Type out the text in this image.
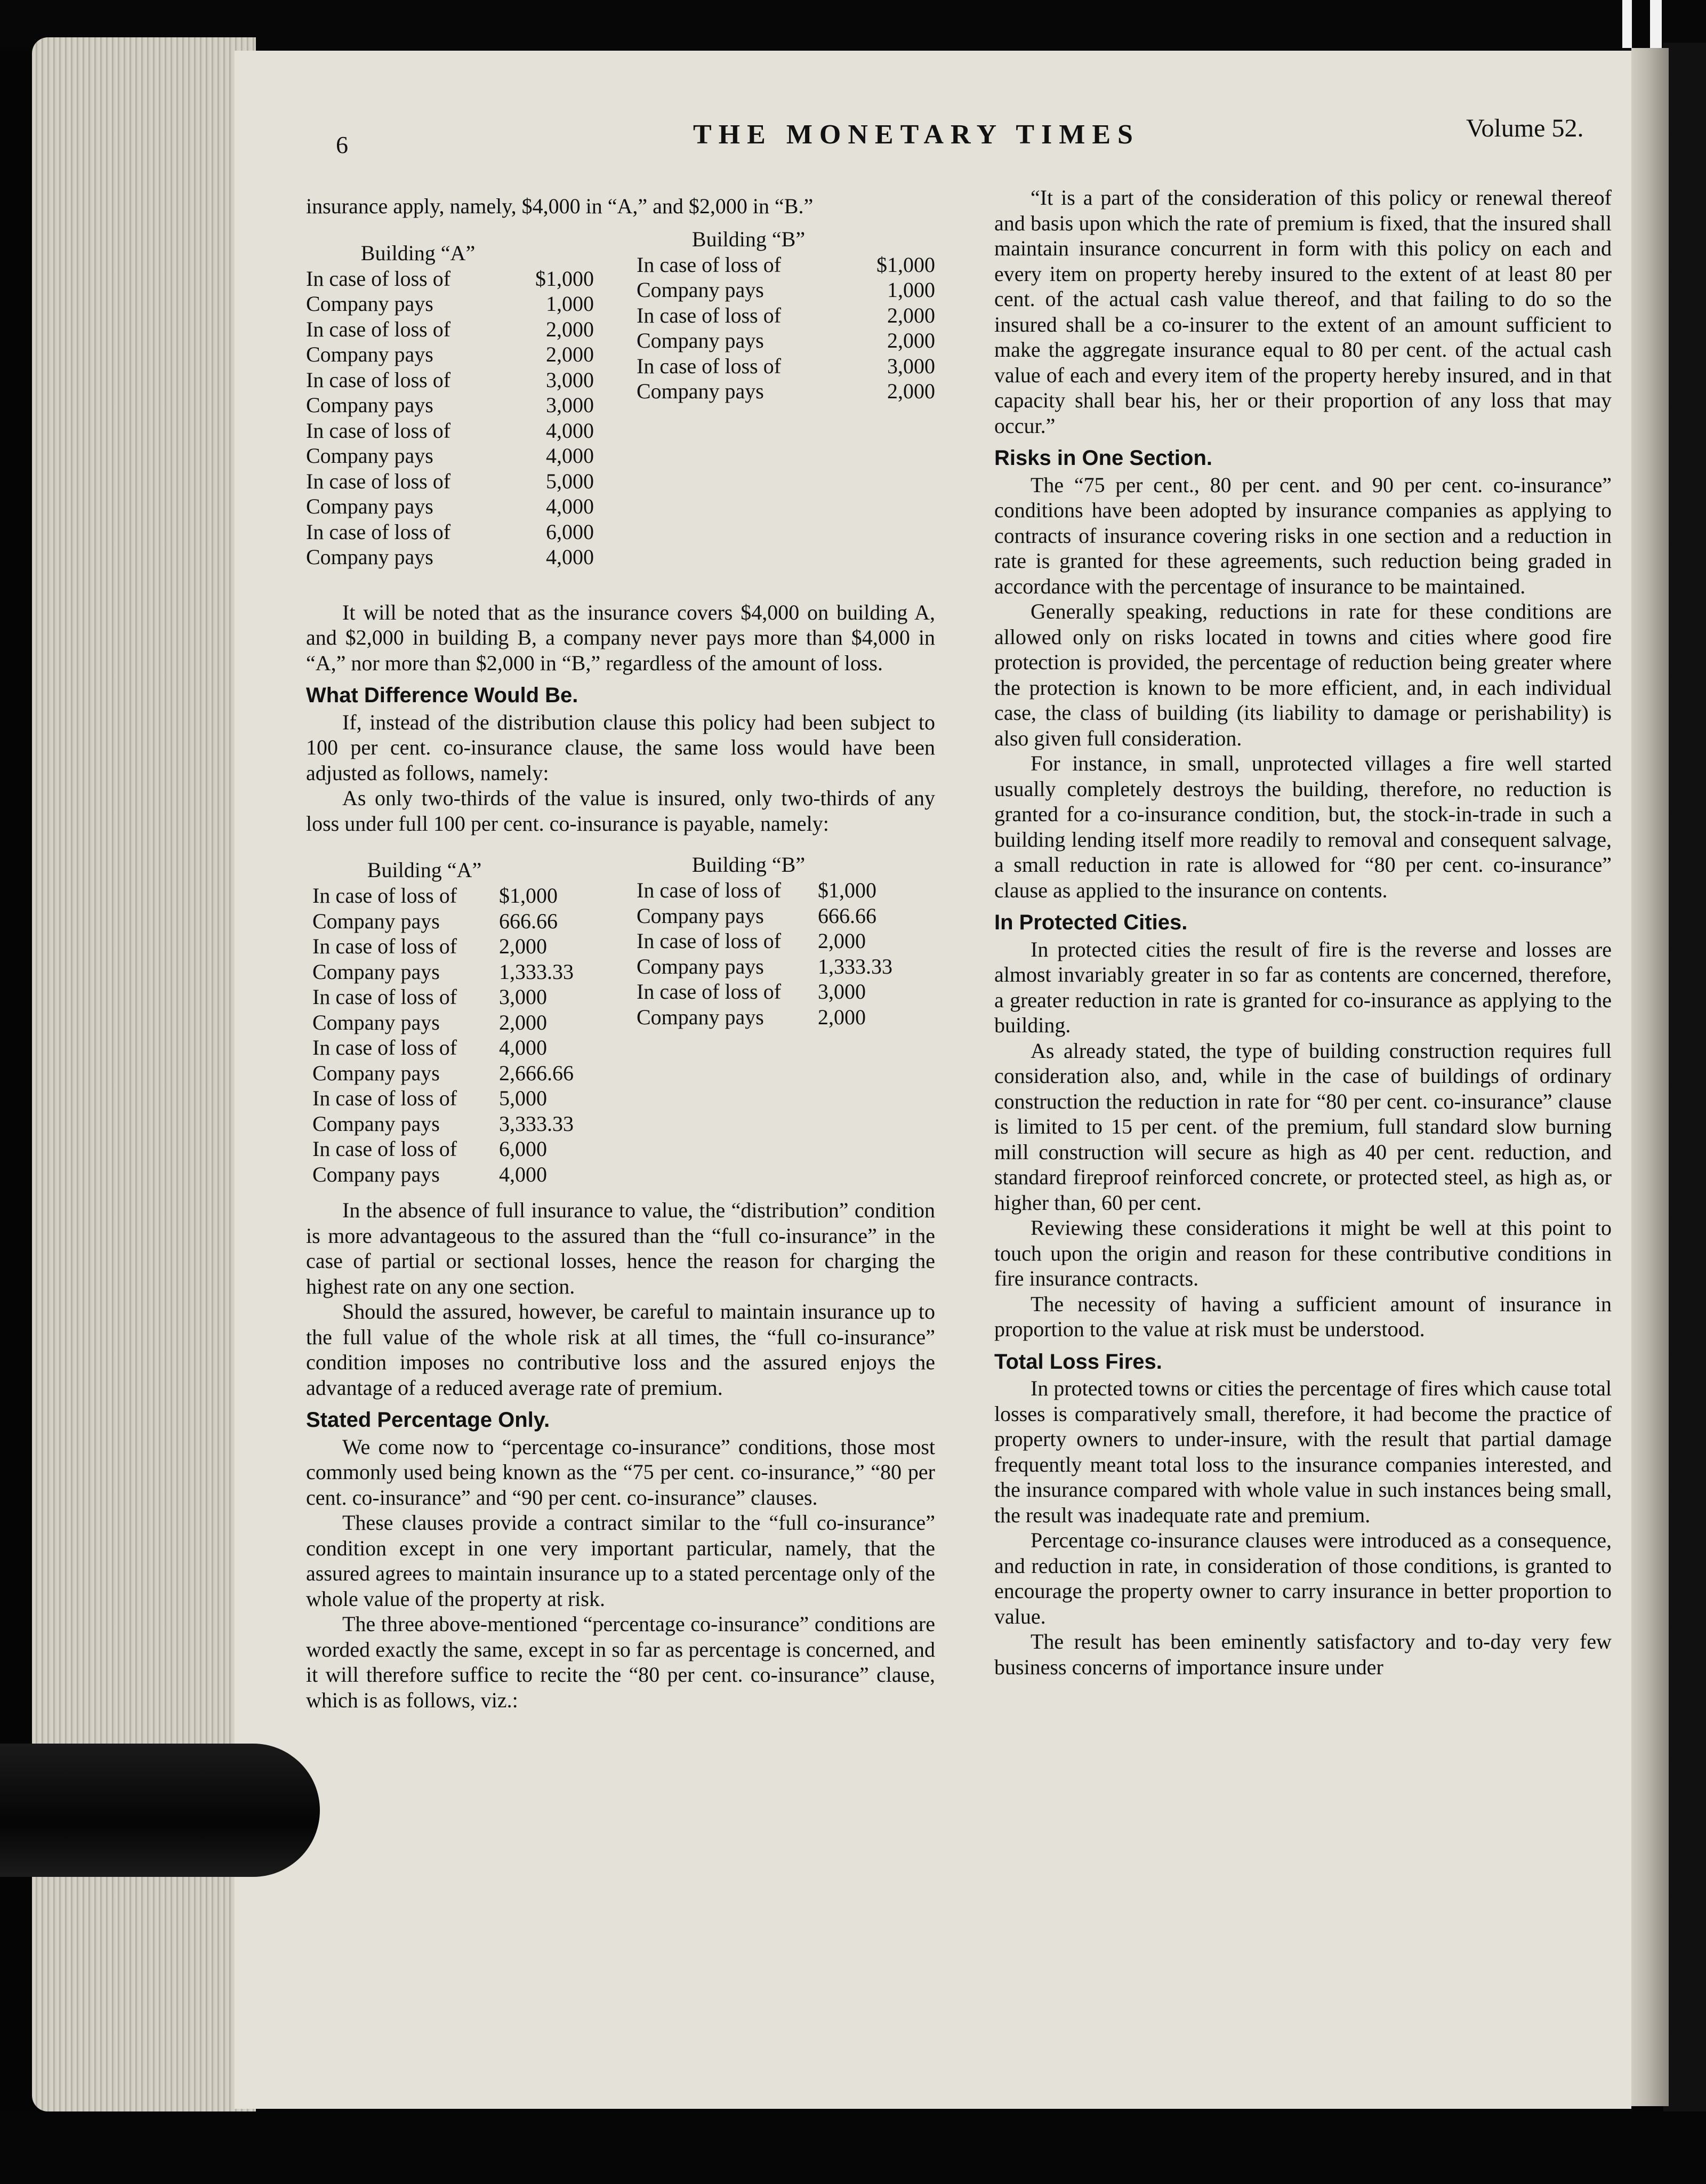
6	THE MONETARY TIMES	Volume 52.

insurance apply, namely, $4,000 in “A,” and $2,000 in “B.”

Building “A”
In case of loss of	$1,000
Company pays	1,000
In case of loss of	2,000
Company pays	2,000
In case of loss of	3,000
Company pays	3,000
In case of loss of	4,000
Company pays	4,000
In case of loss of	5,000
Company pays	4,000
In case of loss of	6,000
Company pays	4,000
Building “B”
In case of loss of	$1,000
Company pays	1,000
In case of loss of	2,000
Company pays	2,000
In case of loss of	3,000
Company pays	2,000

It will be noted that as the insurance covers $4,000 on building A, and $2,000 in building B, a company never pays more than $4,000 in “A,” nor more than $2,000 in “B,” regardless of the amount of loss.

What Difference Would Be.

If, instead of the distribution clause this policy had been subject to 100 per cent. co-insurance clause, the same loss would have been adjusted as follows, namely:

As only two-thirds of the value is insured, only two-thirds of any loss under full 100 per cent. co-insurance is payable, namely:

Building “A”
In case of loss of $1,000
Company pays	666.66
In case of loss of 2,000
Company pays	1,333.33
In case of loss of 3,000
Company pays	2,000
In case of loss of 4,000
Company pays	2,666.66
In case of loss of 5,000
Company pays	3,333.33
In case of loss of 6,000
Company pays	4,000
Building “B”
In case of loss of $1,000
Company pays	666.66
In case of loss of 2,000
Company pays	1,333.33
In case of loss of 3,000
Company pays	2,000

In the absence of full insurance to value, the “distribution” condition is more advantageous to the assured than the “full co-insurance” in the case of partial or sectional losses, hence the reason for charging the highest rate on any one section.

Should the assured, however, be careful to maintain insurance up to the full value of the whole risk at all times, the “full co-insurance” condition imposes no contributive loss and the assured enjoys the advantage of a reduced average rate of premium.

Stated Percentage Only.

We come now to “percentage co-insurance” conditions, those most commonly used being known as the “75 per cent. co-insurance,” “80 per cent. co-insurance” and “90 per cent. co-insurance” clauses.

These clauses provide a contract similar to the “full co-insurance” condition except in one very important particular, namely, that the assured agrees to maintain insurance up to a stated percentage only of the whole value of the property at risk.

The three above-mentioned “percentage co-insurance” conditions are worded exactly the same, except in so far as percentage is concerned, and it will therefore suffice to recite the “80 per cent. co-insurance” clause, which is as follows, viz.:

“It is a part of the consideration of this policy or renewal thereof and basis upon which the rate of premium is fixed, that the insured shall maintain insurance concurrent in form with this policy on each and every item on property hereby insured to the extent of at least 80 per cent. of the actual cash value thereof, and that failing to do so the insured shall be a co-insurer to the extent of an amount sufficient to make the aggregate insurance equal to 80 per cent. of the actual cash value of each and every item of the property hereby insured, and in that capacity shall bear his, her or their proportion of any loss that may occur.”

Risks in One Section.

The “75 per cent., 80 per cent. and 90 per cent. co-insurance” conditions have been adopted by insurance companies as applying to contracts of insurance covering risks in one section and a reduction in rate is granted for these agreements, such reduction being graded in accordance with the percentage of insurance to be maintained.

Generally speaking, reductions in rate for these conditions are allowed only on risks located in towns and cities where good fire protection is provided, the percentage of reduction being greater where the protection is known to be more efficient, and, in each individual case, the class of building (its liability to damage or perishability) is also given full consideration.

For instance, in small, unprotected villages a fire well started usually completely destroys the building, therefore, no reduction is granted for a co-insurance condition, but, the stock-in-trade in such a building lending itself more readily to removal and consequent salvage, a small reduction in rate is allowed for “80 per cent. co-insurance” clause as applied to the insurance on contents.

In Protected Cities.

In protected cities the result of fire is the reverse and losses are almost invariably greater in so far as contents are concerned, therefore, a greater reduction in rate is granted for co-insurance as applying to the building.

As already stated, the type of building construction requires full consideration also, and, while in the case of buildings of ordinary construction the reduction in rate for “80 per cent. co-insurance” clause is limited to 15 per cent. of the premium, full standard slow burning mill construction will secure as high as 40 per cent. reduction, and standard fireproof reinforced concrete, or protected steel, as high as, or higher than, 60 per cent.

Reviewing these considerations it might be well at this point to touch upon the origin and reason for these contributive conditions in fire insurance contracts.

The necessity of having a sufficient amount of insurance in proportion to the value at risk must be understood.

Total Loss Fires.

In protected towns or cities the percentage of fires which cause total losses is comparatively small, therefore, it had become the practice of property owners to under-insure, with the result that partial damage frequently meant total loss to the insurance companies interested, and the insurance compared with whole value in such instances being small, the result was inadequate rate and premium.

Percentage co-insurance clauses were introduced as a consequence, and reduction in rate, in consideration of those conditions, is granted to encourage the property owner to carry insurance in better proportion to value.

The result has been eminently satisfactory and to-day very few business concerns of importance insure under
